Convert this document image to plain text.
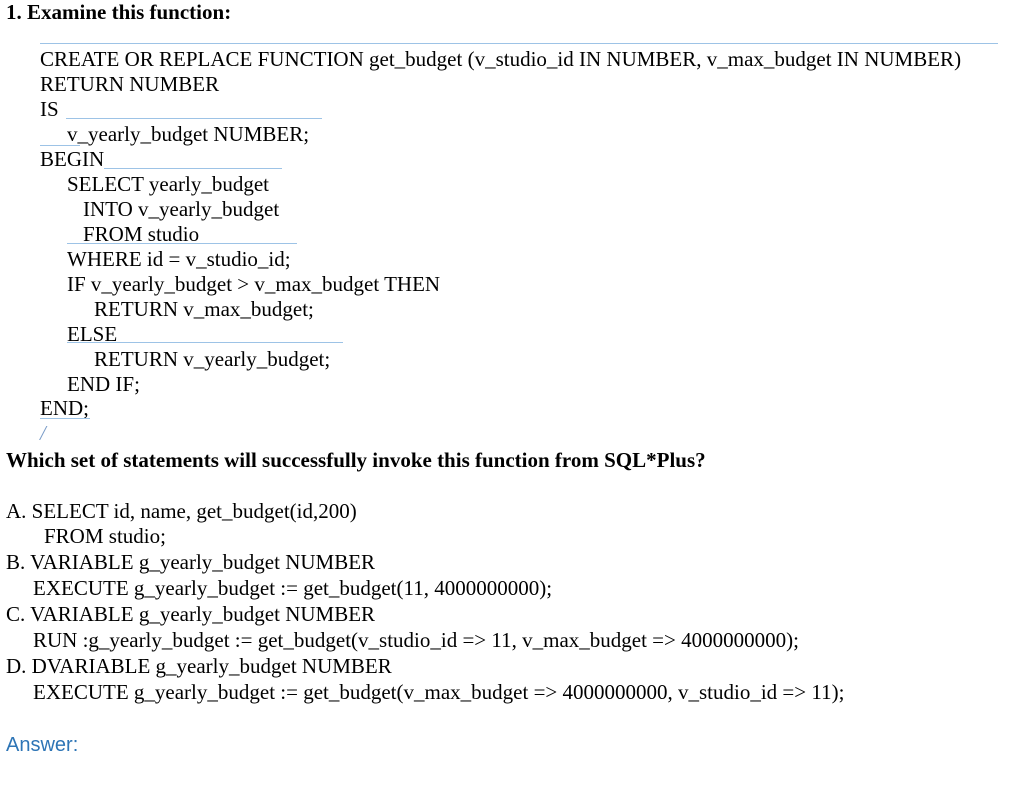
1. Examine this function:
CREATE OR REPLACE FUNCTION get_budget (v_studio_id IN NUMBER, v_max_budget IN NUMBER)
RETURN NUMBER
IS
v_yearly_budget NUMBER;
BEGIN
SELECT yearly_budget
INTO v_yearly_budget
FROM studio
WHERE id = v_studio_id;
IF v_yearly_budget > v_max_budget THEN
RETURN v_max_budget;
ELSE
RETURN v_yearly_budget;
END IF;
END;
/
Which set of statements will successfully invoke this function from SQL*Plus?
A. SELECT id, name, get_budget(id,200)
FROM studio;
B. VARIABLE g_yearly_budget NUMBER
EXECUTE g_yearly_budget := get_budget(11, 4000000000);
C. VARIABLE g_yearly_budget NUMBER
RUN :g_yearly_budget := get_budget(v_studio_id => 11, v_max_budget => 4000000000);
D. DVARIABLE g_yearly_budget NUMBER
EXECUTE g_yearly_budget := get_budget(v_max_budget => 4000000000, v_studio_id => 11);
Answer:
